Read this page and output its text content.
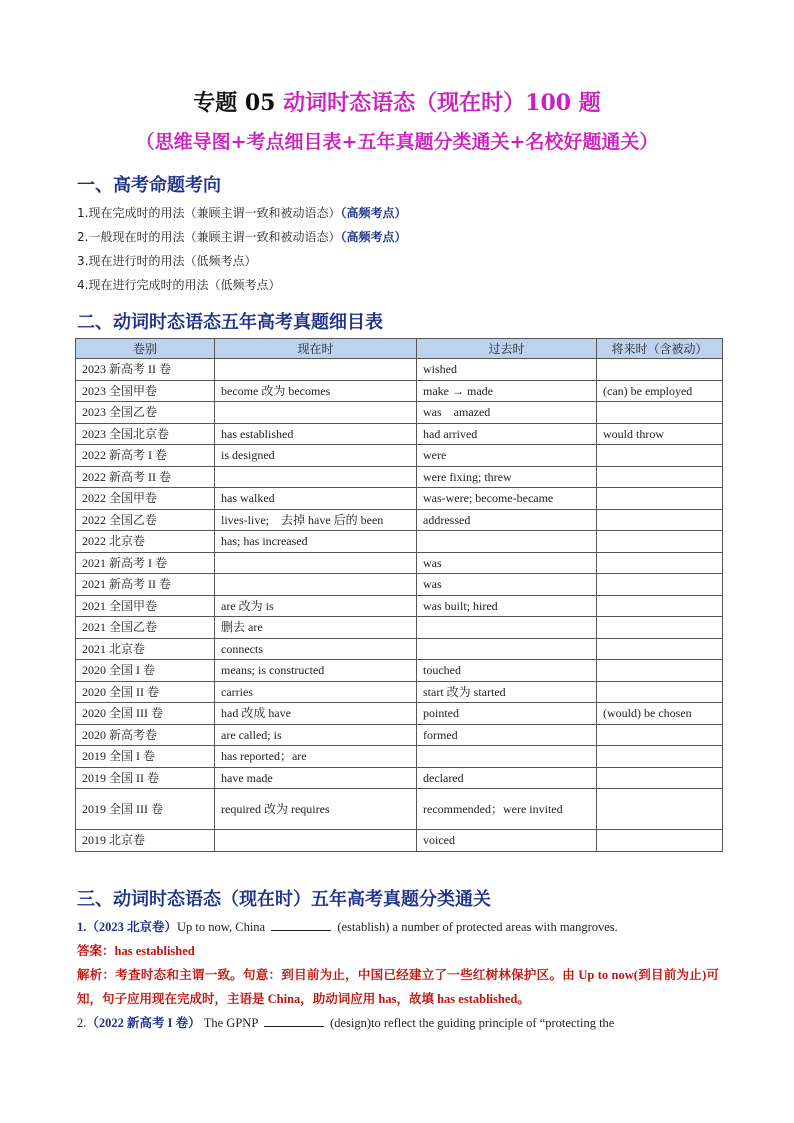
专题 05 动词时态语态（现在时）100 题
（思维导图+考点细目表+五年真题分类通关+名校好题通关）
一、高考命题考向
1.现在完成时的用法（兼顾主谓一致和被动语态）（高频考点）
2.一般现在时的用法（兼顾主谓一致和被动语态）（高频考点）
3.现在进行时的用法（低频考点）
4.现在进行完成时的用法（低频考点）
二、动词时态语态五年高考真题细目表
卷别	现在时	过去时	将来时（含被动）
2023 新高考 II 卷		wished	
2023 全国甲卷	become 改为 becomes	make → made	(can) be employed
2023 全国乙卷		was　amazed	
2023 全国北京卷	has established	had arrived	would throw
2022 新高考 I 卷	is designed	were	
2022 新高考 II 卷		were fixing; threw	
2022 全国甲卷	has walked	was-were; become-became	
2022 全国乙卷	lives-live;　去掉 have 后的 been	addressed	
2022 北京卷	has; has increased		
2021 新高考 I 卷		was	
2021 新高考 II 卷		was	
2021 全国甲卷	are 改为 is	was built; hired	
2021 全国乙卷	删去 are		
2021 北京卷	connects		
2020 全国 I 卷	means; is constructed	touched	
2020 全国 II 卷	carries	start 改为 started	
2020 全国 III 卷	had 改成 have	pointed	(would) be chosen
2020 新高考卷	are called; is	formed	
2019 全国 I 卷	has reported；are		
2019 全国 II 卷	have made	declared	
2019 全国 III 卷	required 改为 requires	recommended；were invited	
2019 北京卷		voiced	
三、动词时态语态（现在时）五年高考真题分类通关
1.（2023 北京卷）Up to now, China	(establish) a number of protected areas with mangroves.
答案：has established
解析：考查时态和主谓一致。句意：到目前为止，中国已经建立了一些红树林保护区。由 Up to now(到目前为止)可知，句子应用现在完成时，主语是 China，助动词应用 has，故填 has established。
2.（2022 新高考 I 卷） The GPNP	(design)to reflect the guiding principle of “protecting the
